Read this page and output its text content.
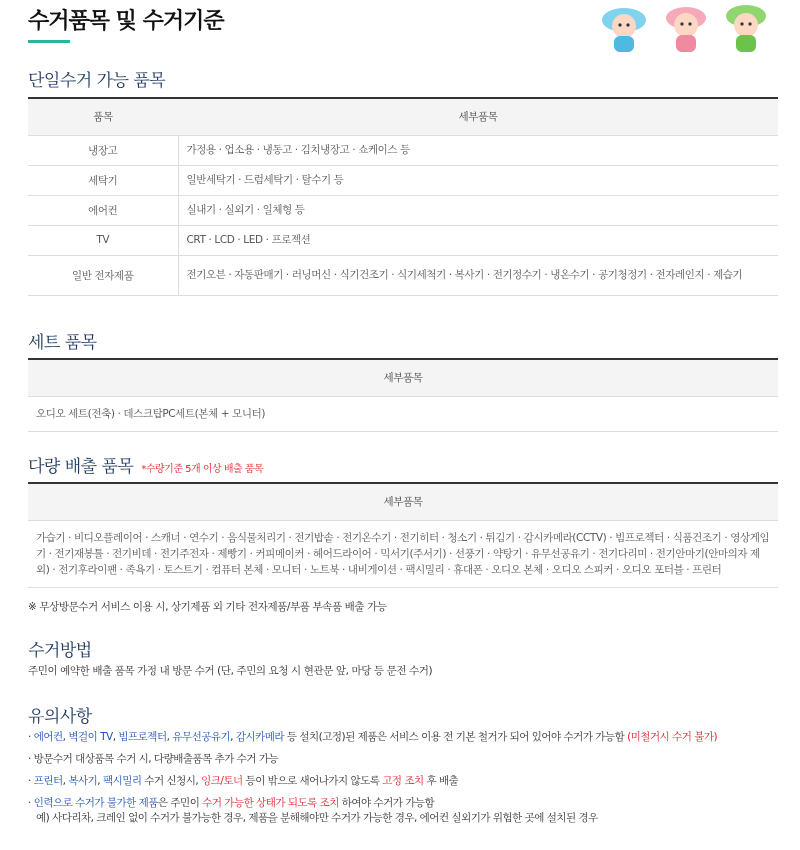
수거품목 및 수거기준
단일수거 가능 품목
품목	세부품목
냉장고	가정용 · 업소용 · 냉동고 · 김치냉장고 · 쇼케이스 등
세탁기	일반세탁기 · 드럼세탁기 · 탈수기 등
에어컨	실내기 · 실외기 · 일체형 등
TV	CRT · LCD · LED · 프로젝션
일반 전자제품	전기오븐 · 자동판매기 · 러닝머신 · 식기건조기 · 식기세척기 · 복사기 · 전기정수기 · 냉온수기 · 공기청정기 · 전자레인지 · 제습기
세트 품목
세부품목
오디오 세트(전축) · 데스크탑PC세트(본체 + 모니터)
다량 배출 품목 *수량기준 5개 이상 배출 품목
세부품목
가습기 · 비디오플레이어 · 스캐너 · 연수기 · 음식물처리기 · 전기밥솥 · 전기온수기 · 전기히터 · 청소기 · 튀김기 · 감시카메라(CCTV) · 빔프로젝터 · 식품건조기 · 영상게임기 · 전기재봉틀 · 전기비데 · 전기주전자 · 제빵기 · 커피메이커 · 헤어드라이어 · 믹서기(주서기) · 선풍기 · 약탕기 · 유무선공유기 · 전기다리미 · 전기안마기(안마의자 제외) · 전기후라이팬 · 족욕기 · 토스트기 · 컴퓨터 본체 · 모니터 · 노트북 · 내비게이션 · 팩시밀리 · 휴대폰 · 오디오 본체 · 오디오 스피커 · 오디오 포터블 · 프린터
※ 무상방문수거 서비스 이용 시, 상기제품 외 기타 전자제품/부품 부속품 배출 가능
수거방법
주민이 예약한 배출 품목 가정 내 방문 수거 (단, 주민의 요청 시 현관문 앞, 마당 등 문전 수거)
유의사항
· 에어컨, 벽걸이 TV, 빔프로젝터, 유무선공유기, 감시카메라 등 설치(고정)된 제품은 서비스 이용 전 기본 철거가 되어 있어야 수거가 가능함 (미철거시 수거 불가)
· 방문수거 대상품목 수거 시, 다량배출품목 추가 수거 가능
· 프린터, 복사기, 팩시밀리 수거 신청시, 잉크/토너 등이 밖으로 새어나가지 않도록 고정 조치 후 배출
· 인력으로 수거가 불가한 제품은 주민이 수거 가능한 상태가 되도록 조치 하여야 수거가 가능함
예) 사다리차, 크레인 없이 수거가 불가능한 경우, 제품을 분해해야만 수거가 가능한 경우, 에어컨 실외기가 위험한 곳에 설치된 경우
